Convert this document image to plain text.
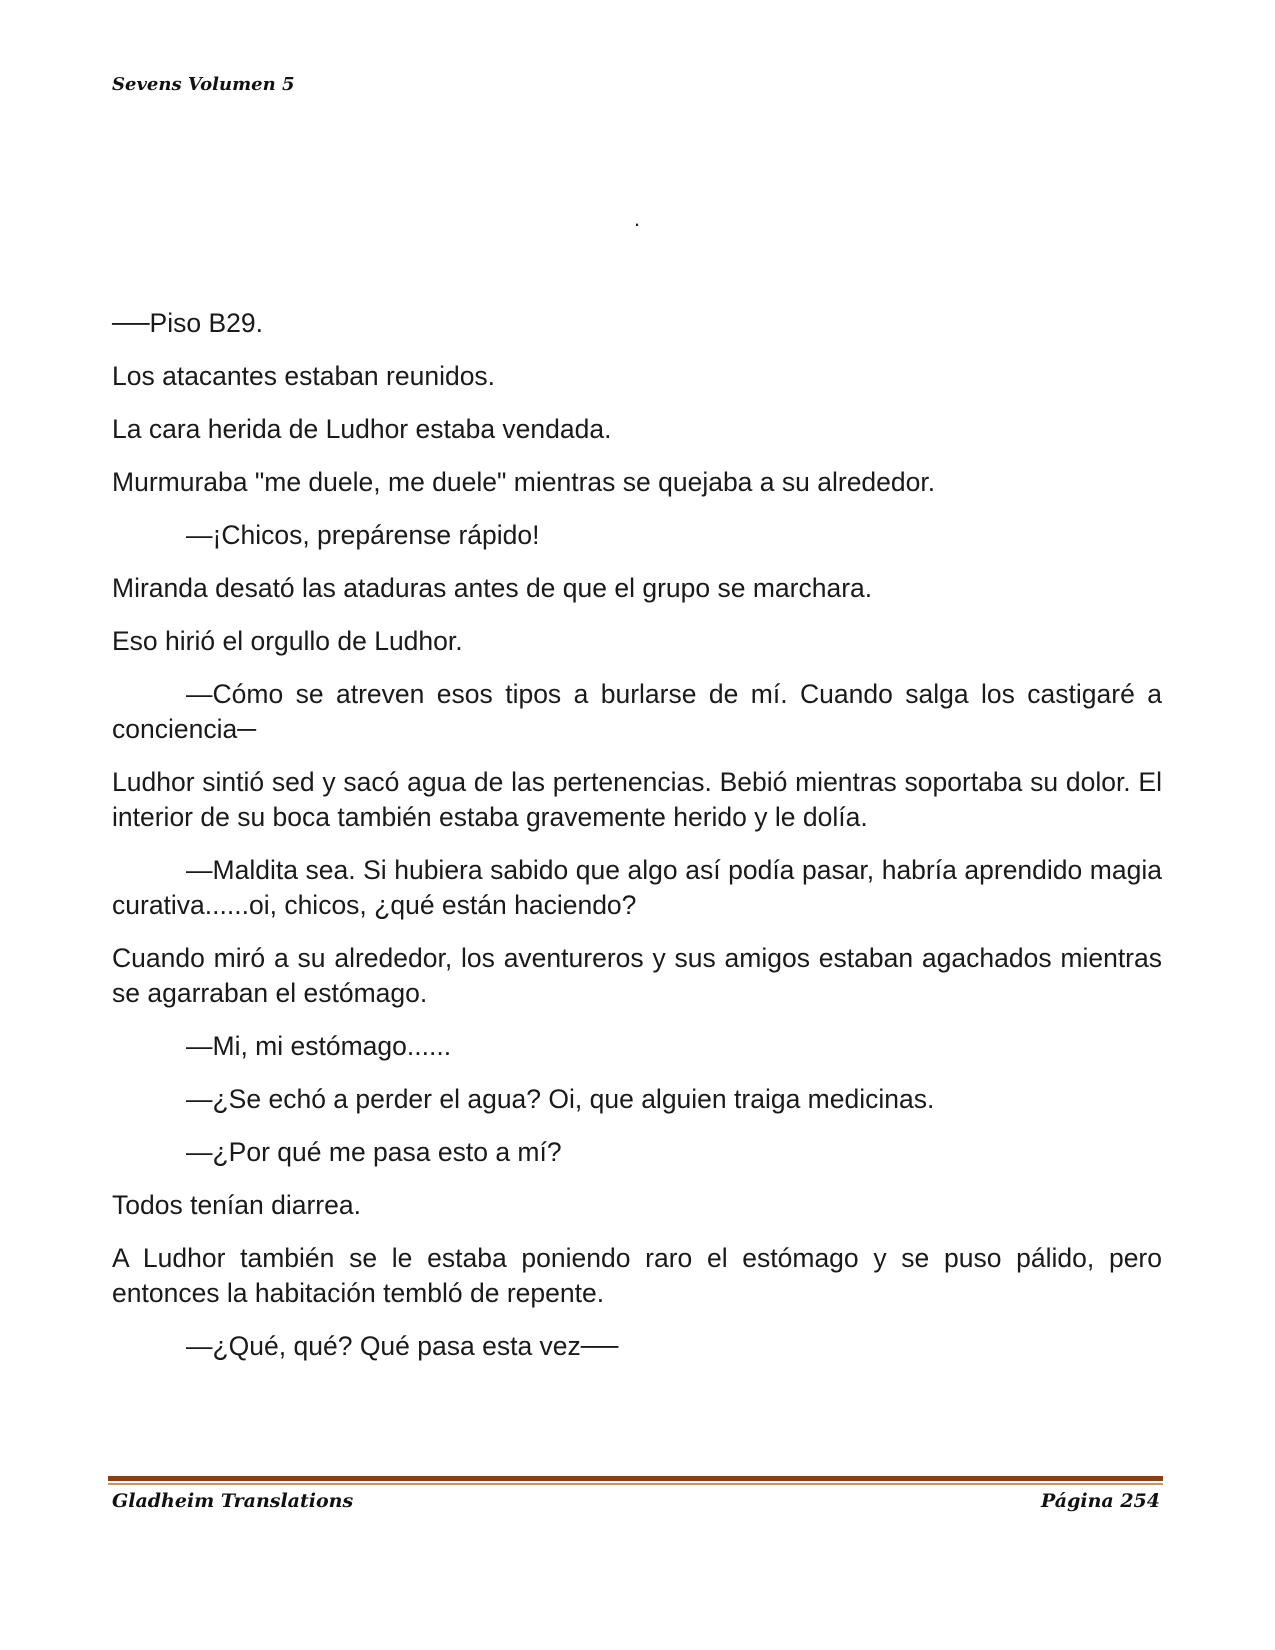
Sevens Volumen 5
.

──Piso B29.

Los atacantes estaban reunidos.

La cara herida de Ludhor estaba vendada.

Murmuraba "me duele, me duele" mientras se quejaba a su alrededor.

—¡Chicos, prepárense rápido!

Miranda desató las ataduras antes de que el grupo se marchara.

Eso hirió el orgullo de Ludhor.

—Cómo se atreven esos tipos a burlarse de mí. Cuando salga los castigaré a conciencia─

Ludhor sintió sed y sacó agua de las pertenencias. Bebió mientras soportaba su dolor. El interior de su boca también estaba gravemente herido y le dolía.

—Maldita sea. Si hubiera sabido que algo así podía pasar, habría aprendido magia curativa......oi, chicos, ¿qué están haciendo?

Cuando miró a su alrededor, los aventureros y sus amigos estaban agachados mientras se agarraban el estómago.

—Mi, mi estómago......

—¿Se echó a perder el agua? Oi, que alguien traiga medicinas.

—¿Por qué me pasa esto a mí?

Todos tenían diarrea.

A Ludhor también se le estaba poniendo raro el estómago y se puso pálido, pero entonces la habitación tembló de repente.

—¿Qué, qué? Qué pasa esta vez──

Gladheim Translations	Página 254
